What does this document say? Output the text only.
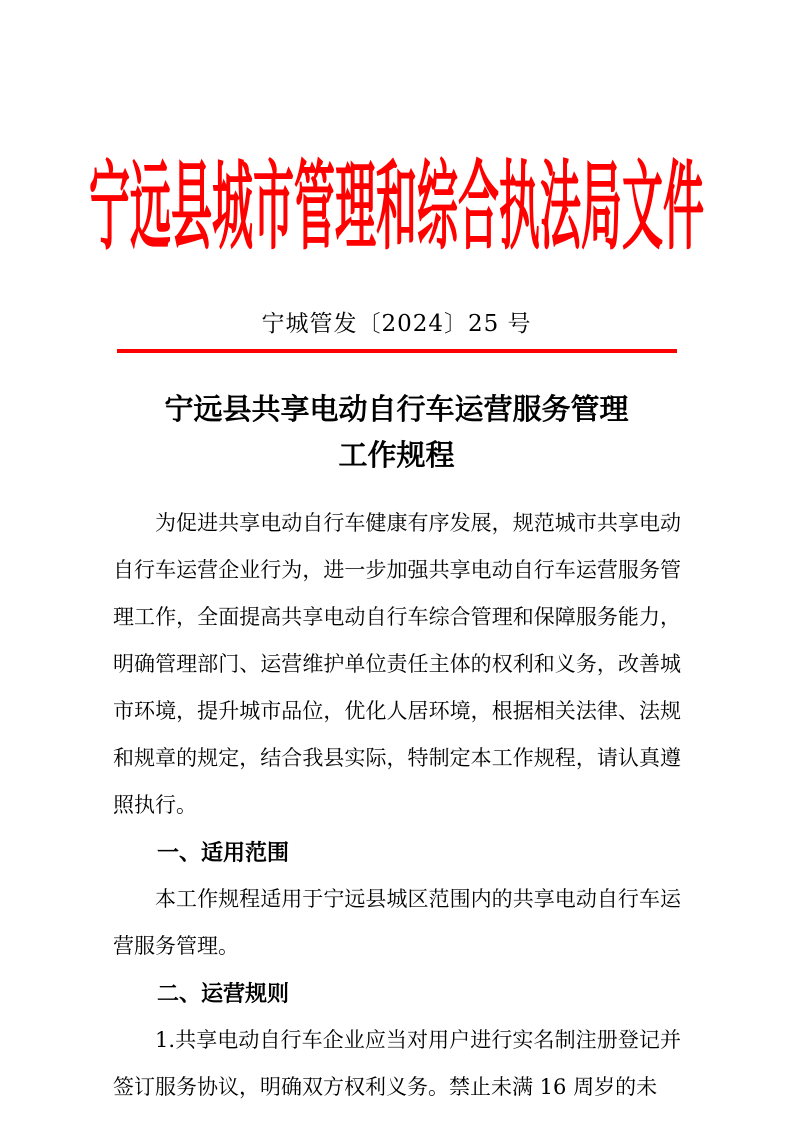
宁远县城市管理和综合执法局文件
宁城管发〔2024〕25 号
宁远县共享电动自行车运营服务管理
工作规程

为促进共享电动自行车健康有序发展，规范城市共享电动自行车运营企业行为，进一步加强共享电动自行车运营服务管理工作，全面提高共享电动自行车综合管理和保障服务能力，明确管理部门、运营维护单位责任主体的权利和义务，改善城市环境，提升城市品位，优化人居环境，根据相关法律、法规和规章的规定，结合我县实际，特制定本工作规程，请认真遵照执行。

一、适用范围

本工作规程适用于宁远县城区范围内的共享电动自行车运营服务管理。

二、运营规则

1.共享电动自行车企业应当对用户进行实名制注册登记并签订服务协议，明确双方权利义务。禁止未满 16 周岁的未
